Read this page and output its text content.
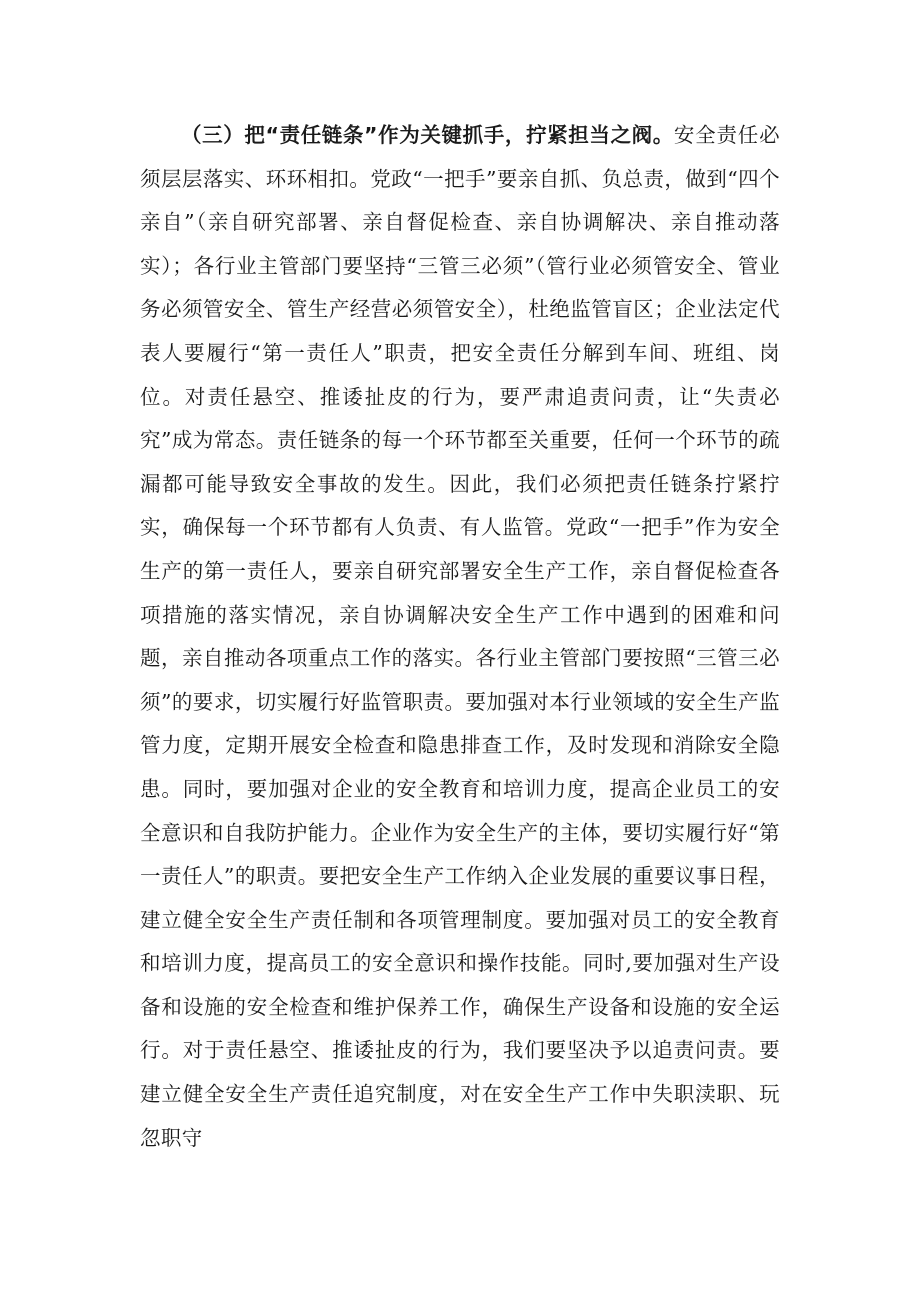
（三）把“责任链条”作为关键抓手，拧紧担当之阀。安全责任必须层层落实、环环相扣。党政“一把手”要亲自抓、负总责，做到“四个亲自”（亲自研究部署、亲自督促检查、亲自协调解决、亲自推动落实）；各行业主管部门要坚持“三管三必须”（管行业必须管安全、管业务必须管安全、管生产经营必须管安全），杜绝监管盲区；企业法定代表人要履行“第一责任人”职责，把安全责任分解到车间、班组、岗位。对责任悬空、推诿扯皮的行为，要严肃追责问责，让“失责必究”成为常态。责任链条的每一个环节都至关重要，任何一个环节的疏漏都可能导致安全事故的发生。因此，我们必须把责任链条拧紧拧实，确保每一个环节都有人负责、有人监管。党政“一把手”作为安全生产的第一责任人，要亲自研究部署安全生产工作，亲自督促检查各项措施的落实情况，亲自协调解决安全生产工作中遇到的困难和问题，亲自推动各项重点工作的落实。各行业主管部门要按照“三管三必须”的要求，切实履行好监管职责。要加强对本行业领域的安全生产监管力度，定期开展安全检查和隐患排查工作，及时发现和消除安全隐患。同时，要加强对企业的安全教育和培训力度，提高企业员工的安全意识和自我防护能力。企业作为安全生产的主体，要切实履行好“第一责任人”的职责。要把安全生产工作纳入企业发展的重要议事日程，建立健全安全生产责任制和各项管理制度。要加强对员工的安全教育和培训力度，提高员工的安全意识和操作技能。同时,要加强对生产设备和设施的安全检查和维护保养工作，确保生产设备和设施的安全运行。对于责任悬空、推诿扯皮的行为，我们要坚决予以追责问责。要建立健全安全生产责任追究制度，对在安全生产工作中失职渎职、玩忽职守
